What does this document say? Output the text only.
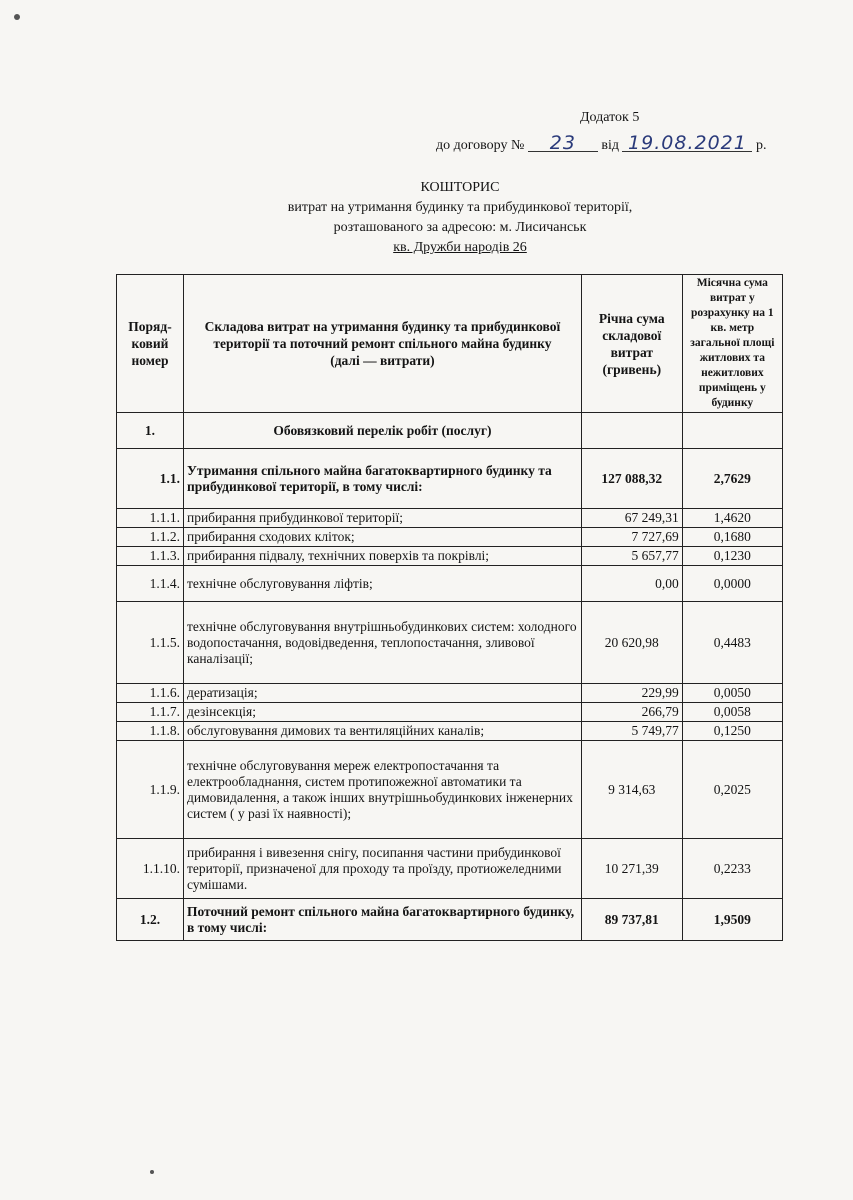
Додаток 5
до договору № 23 від 19.08.2021 р.
КОШТОРИС
витрат на утримання будинку та прибудинкової території,
розташованого за адресою: м. Лисичанськ
кв. Дружби народів 26
Поряд-
ковий
номер	Складова витрат на утримання будинку та прибудинкової території та поточний ремонт спільного майна будинку (далі — витрати)	Річна сума складової витрат (гривень)	Місячна сума витрат у розрахунку на 1 кв. метр загальної площі житлових та нежитлових приміщень у будинку
1.	Обовязковий перелік робіт (послуг)		
1.1.	Утримання спільного майна багатоквартирного будинку та прибудинкової території, в тому числі:	127 088,32	2,7629
1.1.1.	прибирання прибудинкової території;	67 249,31	1,4620
1.1.2.	прибирання сходових кліток;	7 727,69	0,1680
1.1.3.	прибирання підвалу, технічних поверхів та покрівлі;	5 657,77	0,1230
1.1.4.	технічне обслуговування ліфтів;	0,00	0,0000
1.1.5.	технічне обслуговування внутрішньобудинкових систем: холодного водопостачання, водовідведення, теплопостачання, зливової каналізації;	20 620,98	0,4483
1.1.6.	дератизація;	229,99	0,0050
1.1.7.	дезінсекція;	266,79	0,0058
1.1.8.	обслуговування димових та вентиляційних каналів;	5 749,77	0,1250
1.1.9.	технічне обслуговування мереж електропостачання та електрообладнання, систем протипожежної автоматики та димовидалення, а також інших внутрішньобудинкових інженерних систем ( у разі їх наявності);	9 314,63	0,2025
1.1.10.	прибирання і вивезення снігу, посипання частини прибудинкової території, призначеної для проходу та проїзду, протиожеледними сумішами.	10 271,39	0,2233
1.2.	Поточний ремонт спільного майна багатоквартирного будинку, в тому числі:	89 737,81	1,9509
